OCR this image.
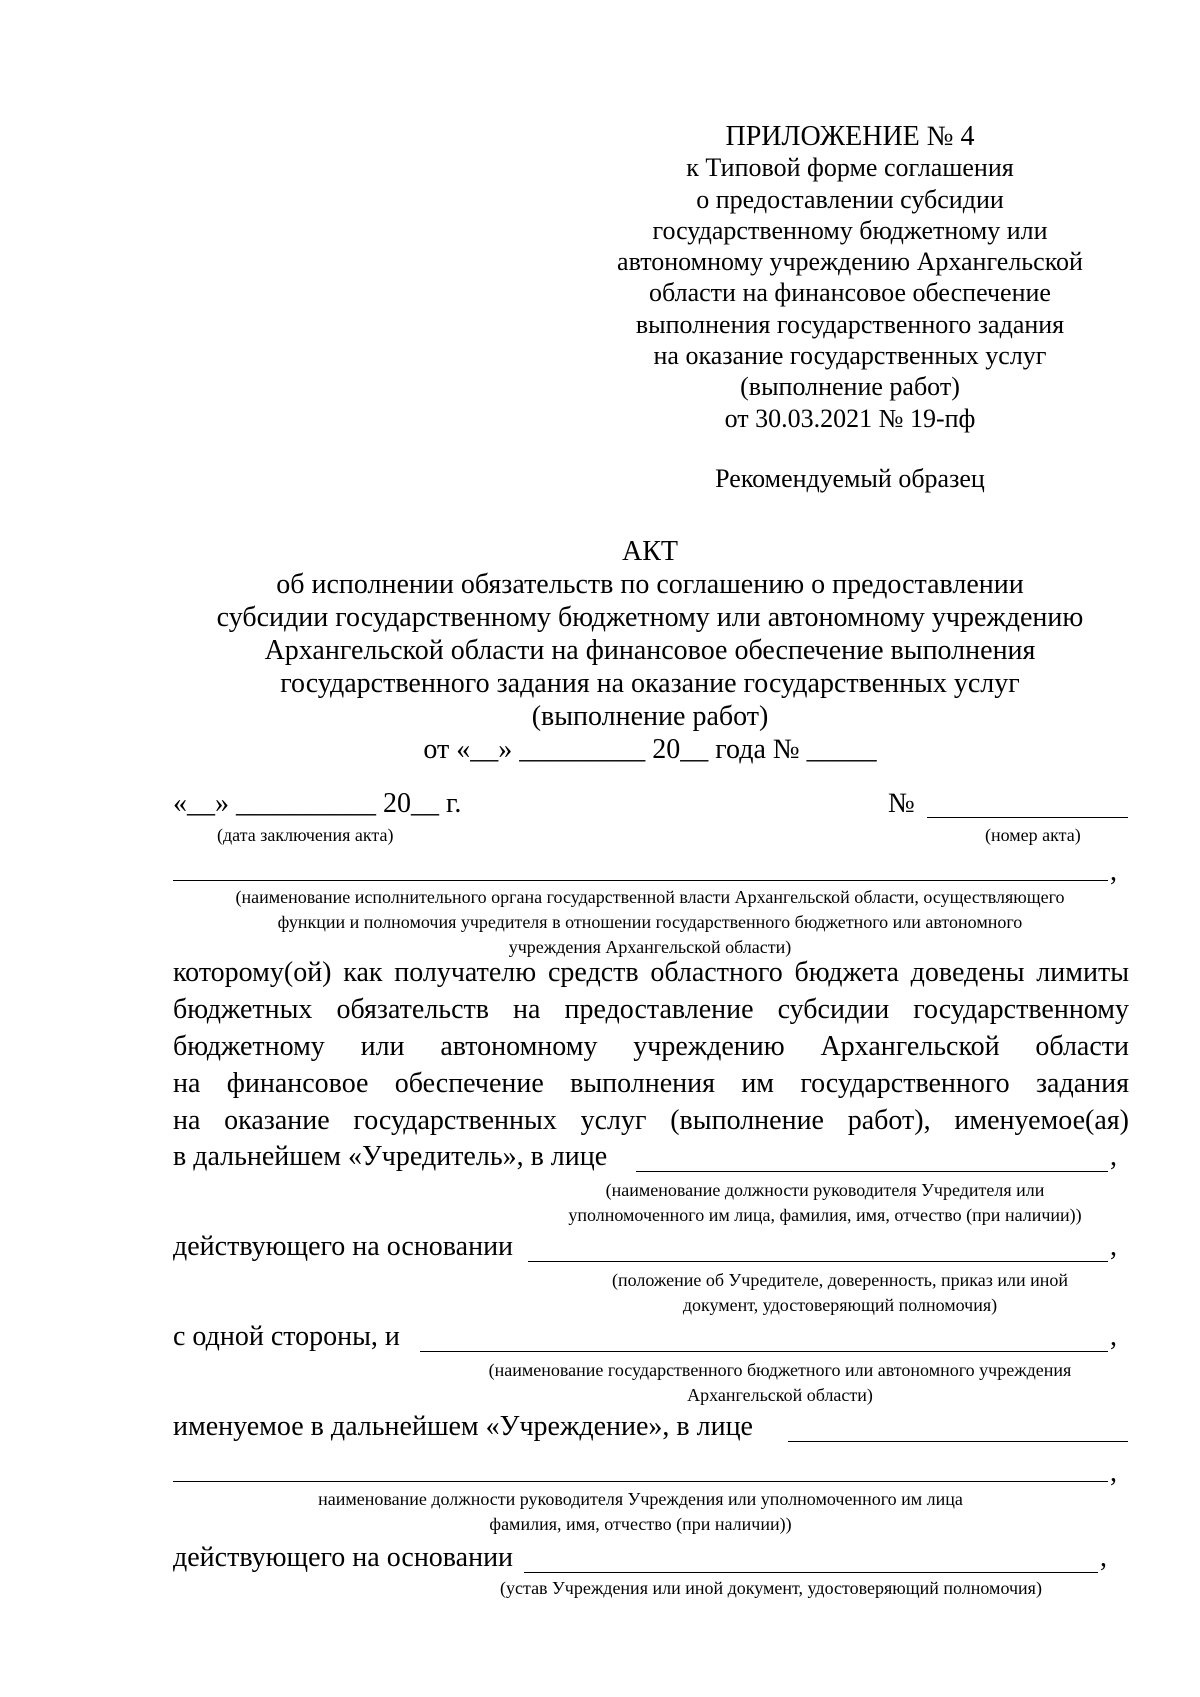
ПРИЛОЖЕНИЕ № 4
к Типовой форме соглашения
о предоставлении субсидии
государственному бюджетному или
автономному учреждению Архангельской
области на финансовое обеспечение
выполнения государственного задания
на оказание государственных услуг
(выполнение работ)
от 30.03.2021 № 19-пф
Рекомендуемый образец
АКТ
об исполнении обязательств по соглашению о предоставлении
субсидии государственному бюджетному или автономному учреждению
Архангельской области на финансовое обеспечение выполнения
государственного задания на оказание государственных услуг
(выполнение работ)
от «__» _________ 20__ года № _____
«__» __________ 20__ г.	№
(дата заключения акта)	(номер акта)
,
(наименование исполнительного органа государственной власти Архангельской области, осуществляющего
функции и полномочия учредителя в отношении государственного бюджетного или автономного
учреждения Архангельской области)
которому(ой) как получателю средств областного бюджета доведены лимиты
бюджетных обязательств на предоставление субсидии государственному
бюджетному или автономному учреждению Архангельской области
на финансовое обеспечение выполнения им государственного задания
на оказание государственных услуг (выполнение работ), именуемое(ая)
в дальнейшем «Учредитель», в лице	,
(наименование должности руководителя Учредителя или
уполномоченного им лица, фамилия, имя, отчество (при наличии))
действующего на основании	,
(положение об Учредителе, доверенность, приказ или иной
документ, удостоверяющий полномочия)
с одной стороны, и	,
(наименование государственного бюджетного или автономного учреждения
Архангельской области)
именуемое в дальнейшем «Учреждение», в лице
,
наименование должности руководителя Учреждения или уполномоченного им лица
фамилия, имя, отчество (при наличии))
действующего на основании	,
(устав Учреждения или иной документ, удостоверяющий полномочия)
